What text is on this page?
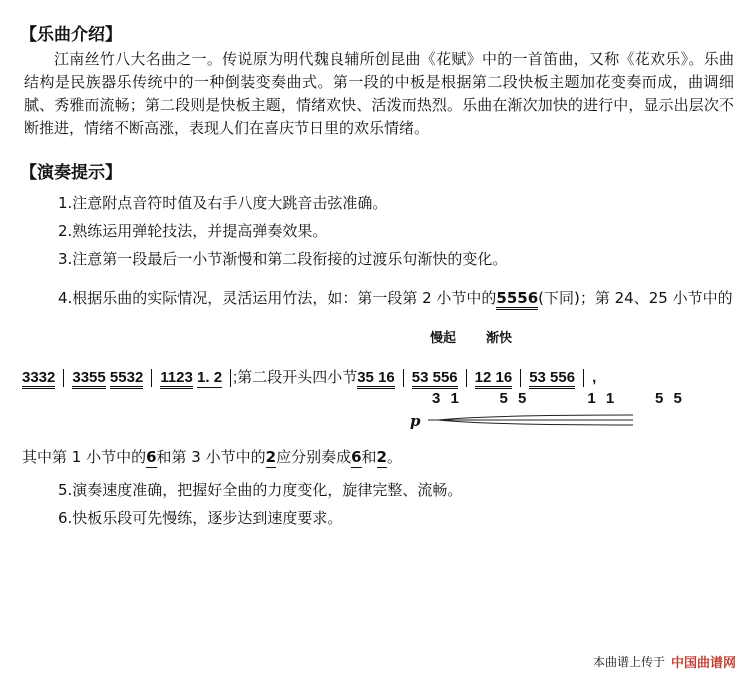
【乐曲介绍】
江南丝竹八大名曲之一。传说原为明代魏良辅所创昆曲《花赋》中的一首笛曲，又称《花欢乐》。乐曲结构是民族器乐传统中的一种倒装变奏曲式。第一段的中板是根据第二段快板主题加花变奏而成，曲调细腻、秀雅而流畅；第二段则是快板主题，情绪欢快、活泼而热烈。乐曲在渐次加快的进行中，显示出层次不断推进，情绪不断高涨，表现人们在喜庆节日里的欢乐情绪。
【演奏提示】
1.注意附点音符时值及右手八度大跳音击弦准确。
2.熟练运用弹轮技法，并提高弹奏效果。
3.注意第一段最后一小节渐慢和第二段衔接的过渡乐句渐快的变化。
4.根据乐曲的实际情况，灵活运用竹法，如：第一段第 2 小节中的5556(下同)；第 24、25 小节中的
慢起 渐快
3332 3355 5532 1123 1. 2 ;第二段开头四小节35 16 53 556 12 16 53 556 ,
3 1	5 5	1 1	5 5
p
其中第 1 小节中的6和第 3 小节中的2应分别奏成6和2。
5.演奏速度准确，把握好全曲的力度变化，旋律完整、流畅。
6.快板乐段可先慢练，逐步达到速度要求。
本曲谱上传于 中国曲谱网
